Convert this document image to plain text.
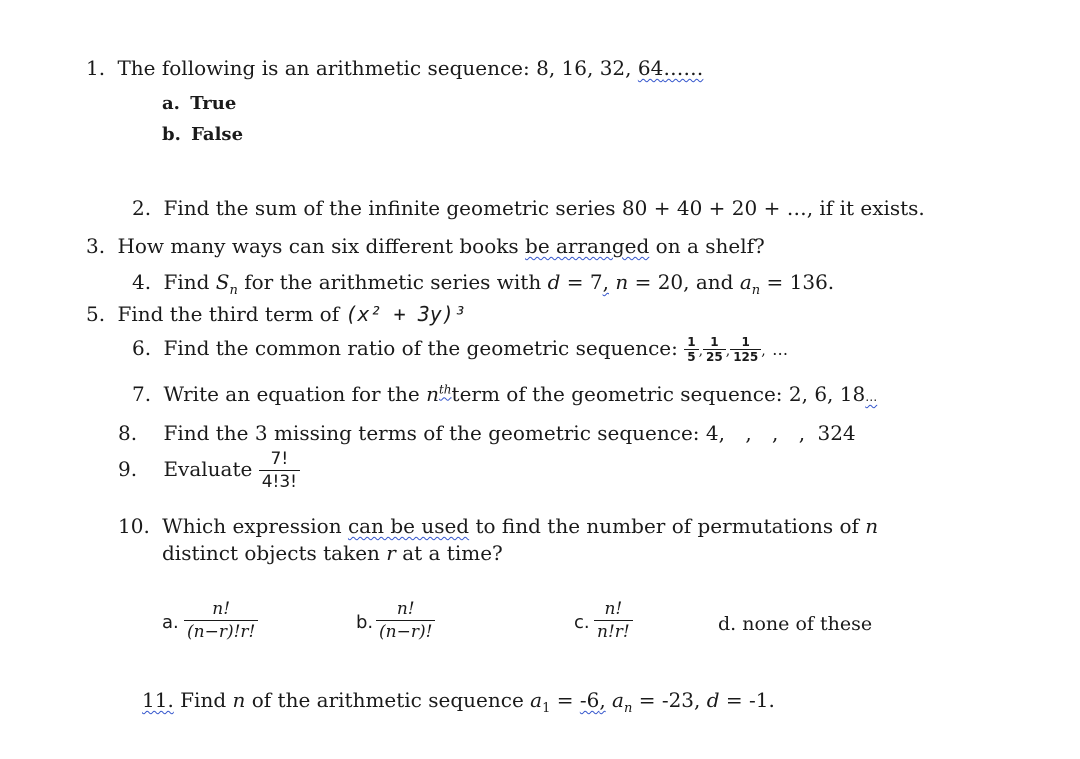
1. The following is an arithmetic sequence: 8, 16, 32, 64……
a. True
b. False
2. Find the sum of the infinite geometric series 80 + 40 + 20 + …, if it exists.
3. How many ways can six different books be arranged on a shelf?
4. Find $S_n$ for the arithmetic series with d = 7, n = 20, and $a_n = 136$.
5. Find the third term of (x² + 3y)³
6. Find the common ratio of the geometric sequence: $\frac{1}{5}$ , $\frac{1}{25}$ , $\frac{1}{125}$ , …
7. Write an equation for the $n^{th}term$ of the geometric sequence: 2, 6, 18…
8. Find the 3 missing terms of the geometric sequence: 4, , , , 324
9. Evaluate $\frac{7!}{4!3!}$
10. Which expression can be used to find the number of permutations of n
distinct objects taken r at a time?
a. $\frac{n!}{(n-r)!r!}$	b. $\frac{n!}{(n-r)!}$	c. $\frac{n!}{n!r!}$	d. none of these
11. Find n of the arithmetic sequence $a_1 = -6$, $a_n = -23$, d = -1.
